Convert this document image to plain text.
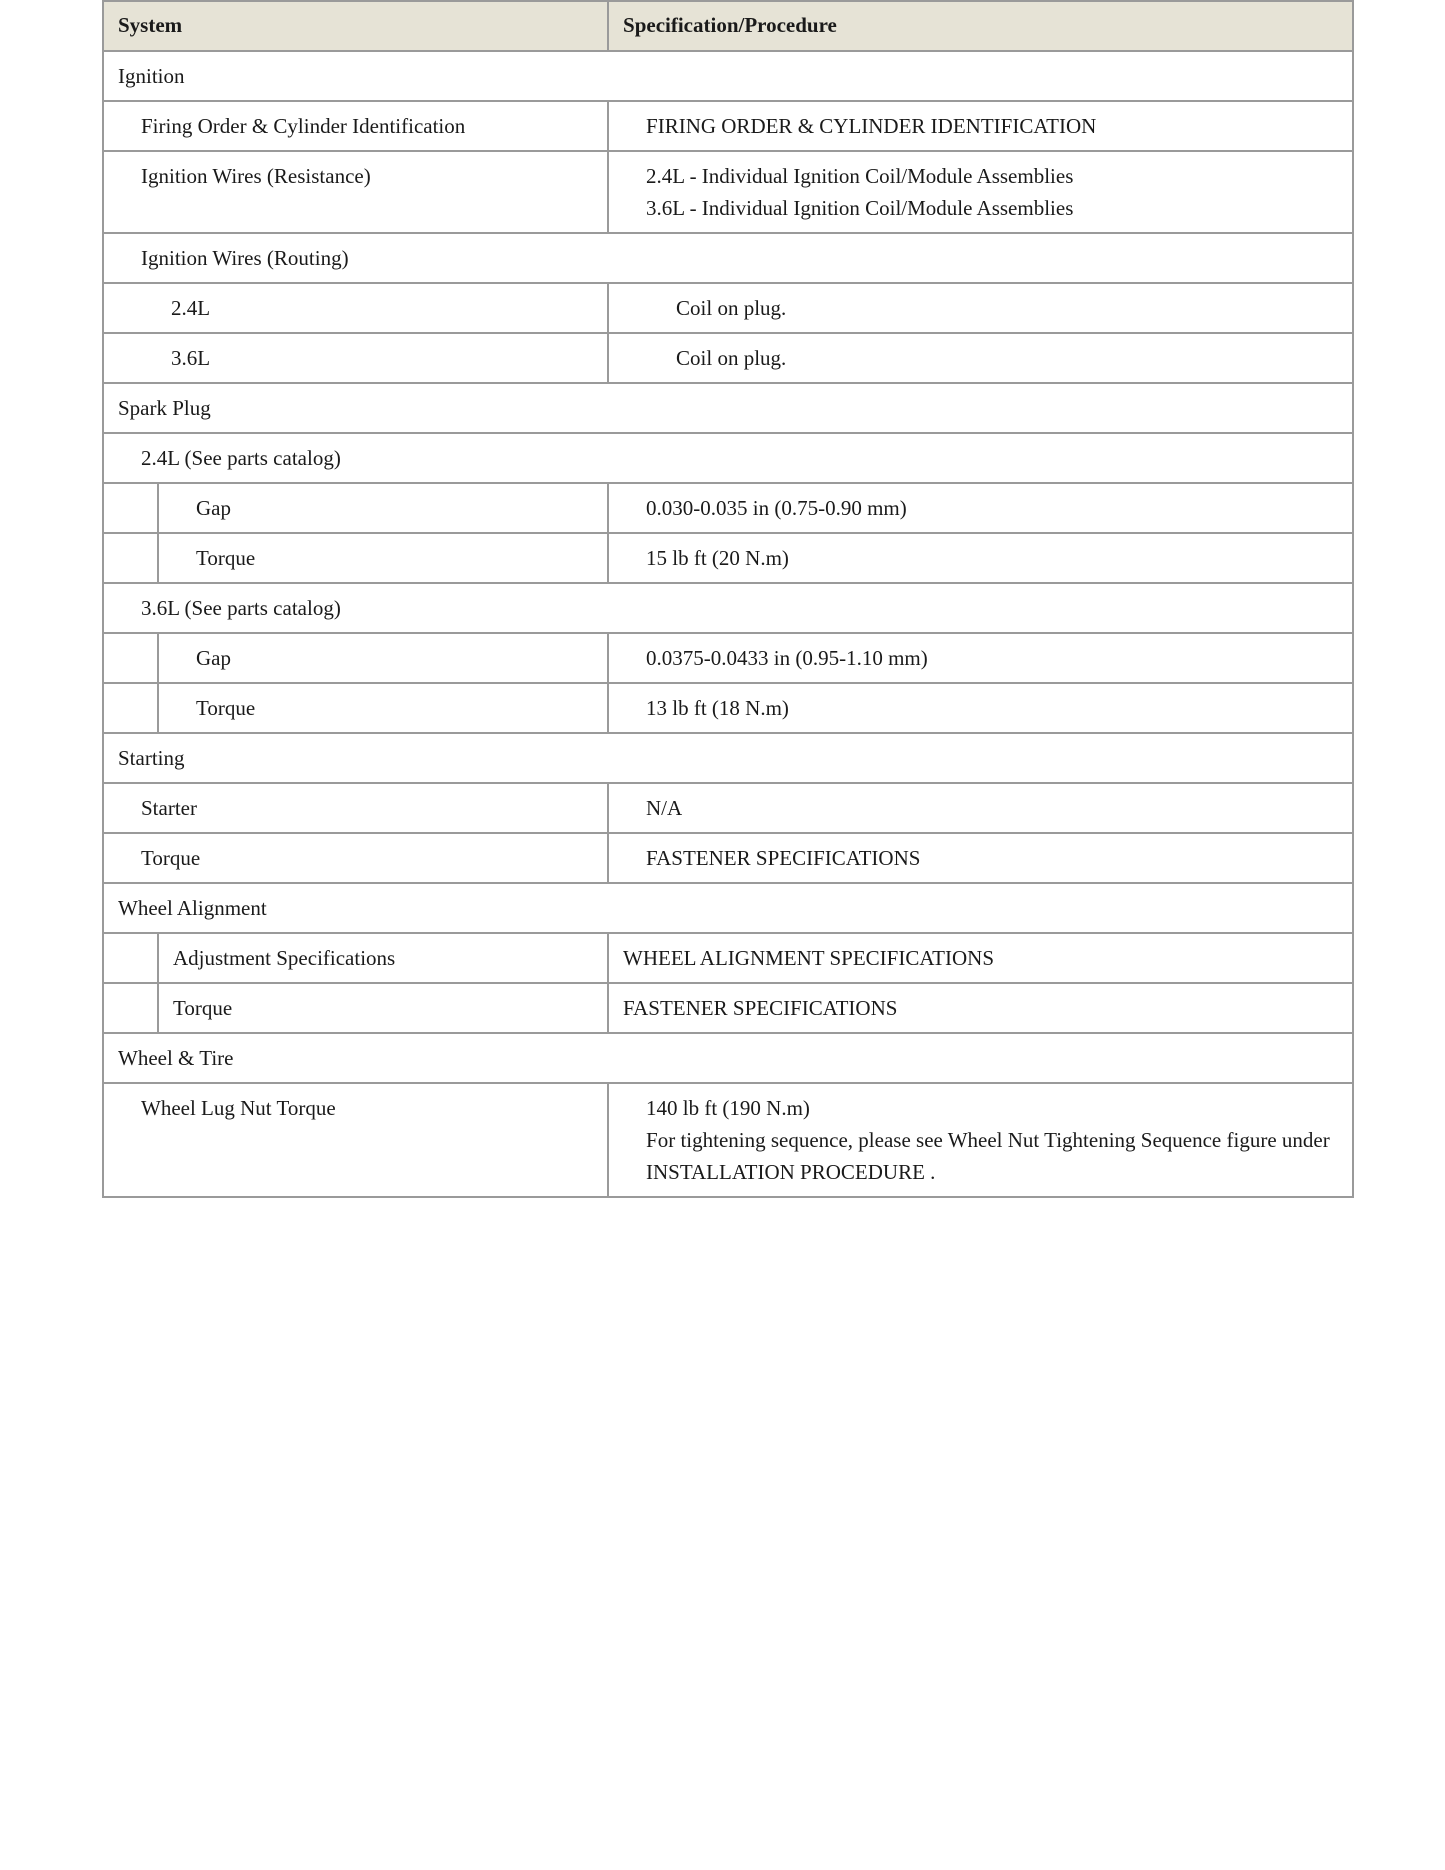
System		Specification/Procedure
Ignition		
Firing Order & Cylinder Identification		FIRING ORDER & CYLINDER IDENTIFICATION
Ignition Wires (Resistance)		2.4L - Individual Ignition Coil/Module Assemblies
3.6L - Individual Ignition Coil/Module Assemblies

Ignition Wires (Routing)		
2.4L		Coil on plug.
3.6L		Coil on plug.
Spark Plug		
2.4L (See parts catalog)		
	Gap	0.030-0.035 in (0.75-0.90 mm)
	Torque	15 lb ft (20 N.m)
3.6L (See parts catalog)		
	Gap	0.0375-0.0433 in (0.95-1.10 mm)
	Torque	13 lb ft (18 N.m)
Starting		
Starter		N/A
Torque		FASTENER SPECIFICATIONS
Wheel Alignment		
	Adjustment Specifications	WHEEL ALIGNMENT SPECIFICATIONS
	Torque	FASTENER SPECIFICATIONS
Wheel & Tire		
Wheel Lug Nut Torque		140 lb ft (190 N.m)
For tightening sequence, please see Wheel Nut Tightening Sequence figure under INSTALLATION PROCEDURE .
